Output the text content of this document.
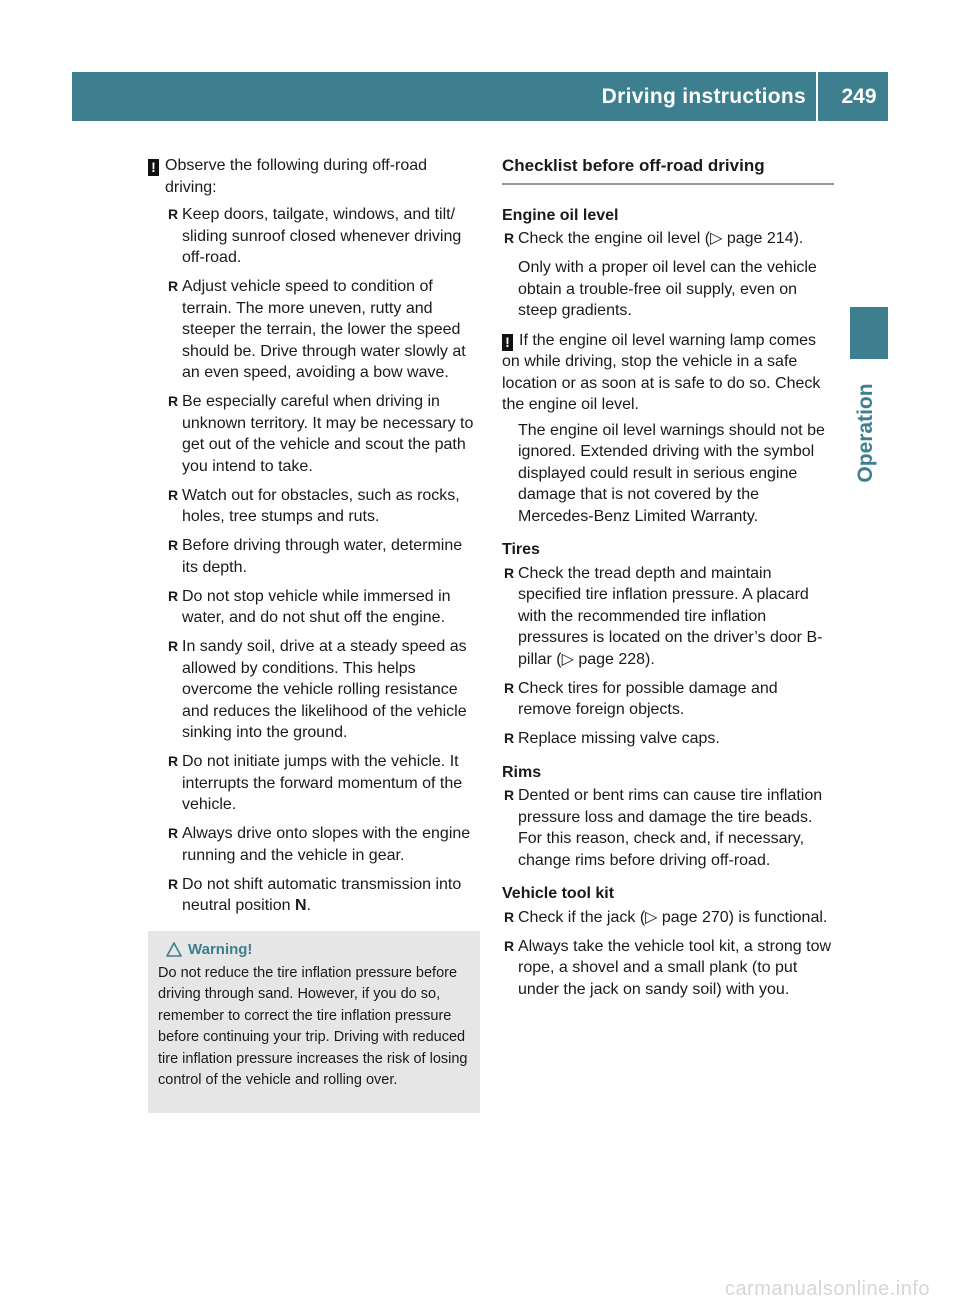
Driving instructions	249
Operation

! Observe the following during off-road

driving:

R Keep doors, tailgate, windows, and tilt/ sliding sunroof closed whenever driving off-road.
R Adjust vehicle speed to condition of terrain. The more uneven, rutty and steeper the terrain, the lower the speed should be. Drive through water slowly at an even speed, avoiding a bow wave.
R Be especially careful when driving in unknown territory. It may be necessary to get out of the vehicle and scout the path you intend to take.
R Watch out for obstacles, such as rocks, holes, tree stumps and ruts.
R Before driving through water, determine its depth.
R Do not stop vehicle while immersed in water, and do not shut off the engine.
R In sandy soil, drive at a steady speed as allowed by conditions. This helps overcome the vehicle rolling resistance and reduces the likelihood of the vehicle sinking into the ground.
R Do not initiate jumps with the vehicle. It interrupts the forward momentum of the vehicle.
R Always drive onto slopes with the engine running and the vehicle in gear.
R Do not shift automatic transmission into neutral position N.
Warning!

Do not reduce the tire inflation pressure before driving through sand. However, if you do so, remember to correct the tire inflation pressure before continuing your trip. Driving with reduced tire inflation pressure increases the risk of losing control of the vehicle and rolling over.

Checklist before off-road driving
Engine oil level
R Check the engine oil level (▷ page 214).

Only with a proper oil level can the vehicle obtain a trouble-free oil supply, even on steep gradients.

! If the engine oil level warning lamp comes on while driving, stop the vehicle in a safe location or as soon at is safe to do so. Check the engine oil level.

The engine oil level warnings should not be ignored. Extended driving with the symbol displayed could result in serious engine damage that is not covered by the Mercedes-Benz Limited Warranty.

Tires
R Check the tread depth and maintain specified tire inflation pressure. A placard with the recommended tire inflation pressures is located on the driver’s door B-pillar (▷ page 228).
R Check tires for possible damage and remove foreign objects.
R Replace missing valve caps.
Rims
R Dented or bent rims can cause tire inflation pressure loss and damage the tire beads. For this reason, check and, if necessary, change rims before driving off-road.
Vehicle tool kit
R Check if the jack (▷ page 270) is functional.
R Always take the vehicle tool kit, a strong tow rope, a shovel and a small plank (to put under the jack on sandy soil) with you.
carmanualsonline.info
